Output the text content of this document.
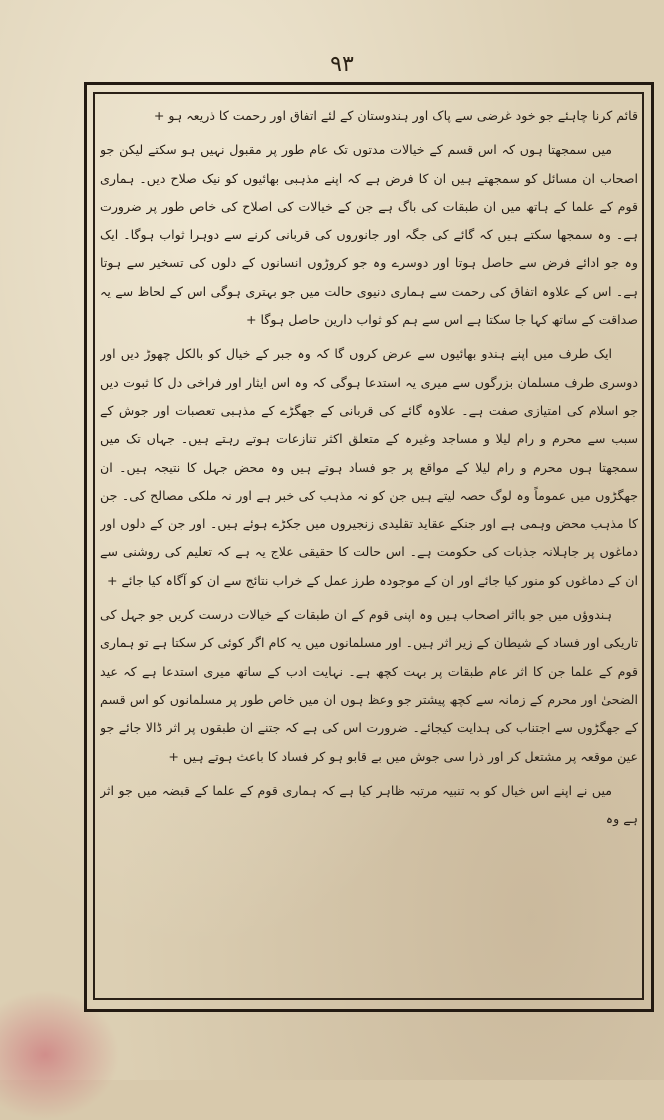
۹۳

قائم کرنا چاہئے جو خود غرضی سے پاک اور ہندوستان کے لئے اتفاق اور رحمت کا ذریعہ ہو +

میں سمجھتا ہوں کہ اس قسم کے خیالات مدتوں تک عام طور پر مقبول نہیں ہو سکتے لیکن جو اصحاب ان مسائل کو سمجھتے ہیں ان کا فرض ہے کہ اپنے مذہبی بھائیوں کو نیک صلاح دیں۔ ہماری قوم کے علما کے ہاتھ میں ان طبقات کی باگ ہے جن کے خیالات کی اصلاح کی خاص طور پر ضرورت ہے۔ وہ سمجھا سکتے ہیں کہ گائے کی جگہ اور جانوروں کی قربانی کرنے سے دوہرا ثواب ہوگا۔ ایک وہ جو ادائے فرض سے حاصل ہوتا اور دوسرے وہ جو کروڑوں انسانوں کے دلوں کی تسخیر سے ہوتا ہے۔ اس کے علاوہ اتفاق کی رحمت سے ہماری دنیوی حالت میں جو بہتری ہوگی اس کے لحاظ سے یہ صداقت کے ساتھ کہا جا سکتا ہے اس سے ہم کو ثواب دارین حاصل ہوگا +

ایک طرف میں اپنے ہندو بھائیوں سے عرض کروں گا کہ وہ جبر کے خیال کو بالکل چھوڑ دیں اور دوسری طرف مسلمان بزرگوں سے میری یہ استدعا ہوگی کہ وہ اس ایثار اور فراخی دل کا ثبوت دیں جو اسلام کی امتیازی صفت ہے۔ علاوہ گائے کی قربانی کے جھگڑے کے مذہبی تعصبات اور جوش کے سبب سے محرم و رام لیلا و مساجد وغیرہ کے متعلق اکثر تنازعات ہوتے رہتے ہیں۔ جہاں تک میں سمجھتا ہوں محرم و رام لیلا کے مواقع پر جو فساد ہوتے ہیں وہ محض جہل کا نتیجہ ہیں۔ ان جھگڑوں میں عموماً وہ لوگ حصہ لیتے ہیں جن کو نہ مذہب کی خبر ہے اور نہ ملکی مصالح کی۔ جن کا مذہب محض وہمی ہے اور جنکے عقاید تقلیدی زنجیروں میں جکڑے ہوئے ہیں۔ اور جن کے دلوں اور دماغوں پر جاہلانہ جذبات کی حکومت ہے۔ اس حالت کا حقیقی علاج یہ ہے کہ تعلیم کی روشنی سے ان کے دماغوں کو منور کیا جائے اور ان کے موجودہ طرز عمل کے خراب نتائج سے ان کو آگاہ کیا جائے +

ہندوؤں میں جو بااثر اصحاب ہیں وہ اپنی قوم کے ان طبقات کے خیالات درست کریں جو جہل کی تاریکی اور فساد کے شیطان کے زیر اثر ہیں۔ اور مسلمانوں میں یہ کام اگر کوئی کر سکتا ہے تو ہماری قوم کے علما جن کا اثر عام طبقات پر بہت کچھ ہے۔ نہایت ادب کے ساتھ میری استدعا ہے کہ عید الضحیٰ اور محرم کے زمانہ سے کچھ پیشتر جو وعظ ہوں ان میں خاص طور پر مسلمانوں کو اس قسم کے جھگڑوں سے اجتناب کی ہدایت کیجائے۔ ضرورت اس کی ہے کہ جتنے ان طبقوں پر اثر ڈالا جائے جو عین موقعہ پر مشتعل کر اور ذرا سی جوش میں بے قابو ہو کر فساد کا باعث ہوتے ہیں +

میں نے اپنے اس خیال کو بہ تنبیہ مرتبہ ظاہر کیا ہے کہ ہماری قوم کے علما کے قبضہ میں جو اثر ہے وہ
